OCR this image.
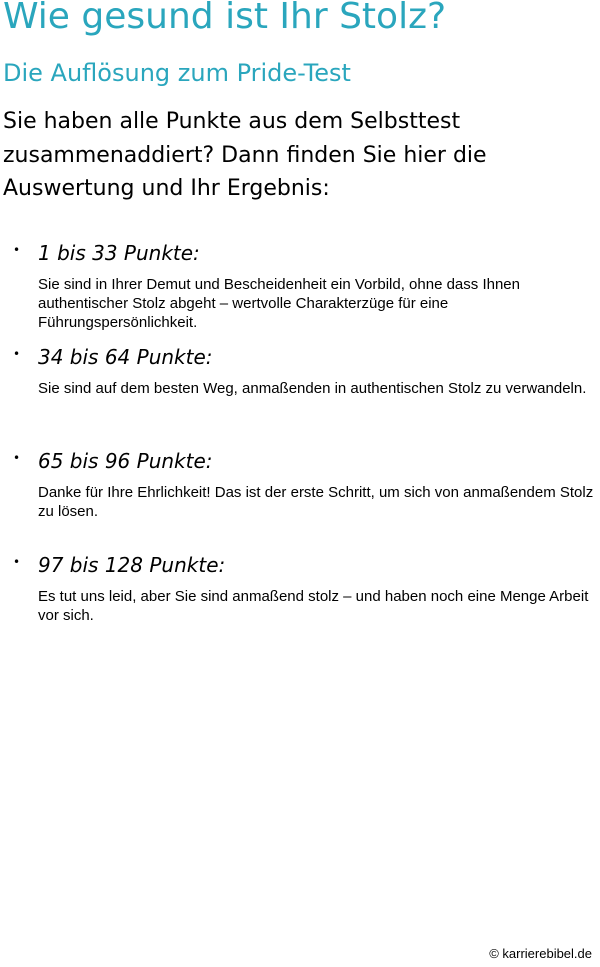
Wie gesund ist Ihr Stolz?
Die Auflösung zum Pride-Test

Sie haben alle Punkte aus dem Selbsttest zusammenaddiert? Dann finden Sie hier die Auswertung und Ihr Ergebnis:

• 1 bis 33 Punkte:

Sie sind in Ihrer Demut und Bescheidenheit ein Vorbild, ohne dass Ihnen authentischer Stolz abgeht – wertvolle Charakterzüge für eine Führungspersönlichkeit.

• 34 bis 64 Punkte:

Sie sind auf dem besten Weg, anmaßenden in authentischen Stolz zu verwandeln.

• 65 bis 96 Punkte:

Danke für Ihre Ehrlichkeit! Das ist der erste Schritt, um sich von anmaßendem Stolz zu lösen.

• 97 bis 128 Punkte:

Es tut uns leid, aber Sie sind anmaßend stolz – und haben noch eine Menge Arbeit vor sich.

© karrierebibel.de
